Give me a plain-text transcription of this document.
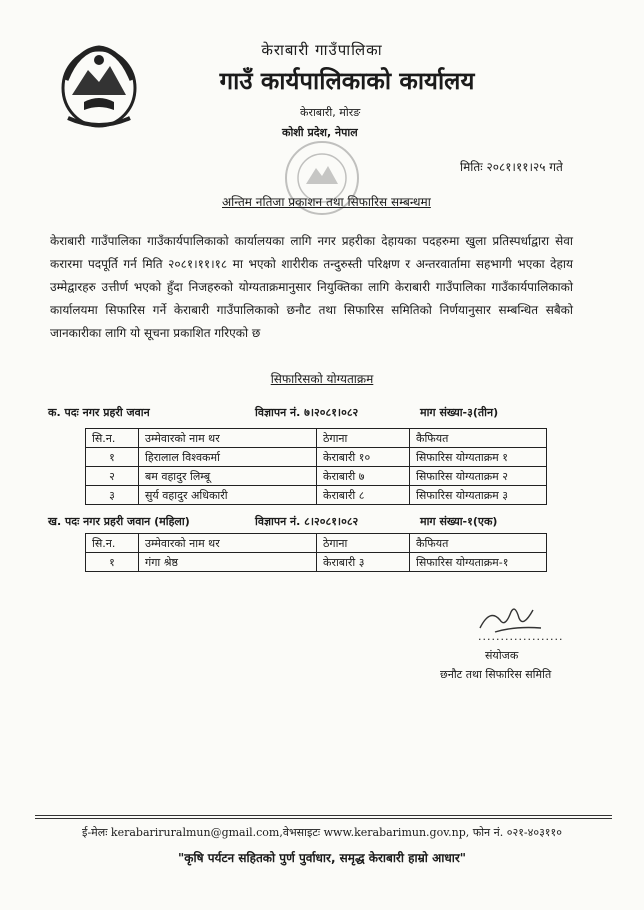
केराबारी गाउँपालिका
गाउँ कार्यपालिकाको कार्यालय
केराबारी, मोरङ
कोशी प्रदेश, नेपाल
मितिः २०८१।११।२५ गते
अन्तिम नतिजा प्रकाशन तथा सिफारिस सम्बन्धमा
केराबारी गाउँपालिका गाउँकार्यपालिकाको कार्यालयका लागि नगर प्रहरीका देहायका पदहरुमा खुला प्रतिस्पर्धाद्वारा सेवा करारमा पदपूर्ति गर्न मिति २०८१।११।१८ मा भएको शारीरीक तन्दुरुस्ती परिक्षण र अन्तरवार्तामा सहभागी भएका देहाय उम्मेद्वारहरु उत्तीर्ण भएको हुँदा निजहरुको योग्यताक्रमानुसार नियुक्तिका लागि केराबारी गाउँपालिका गाउँकार्यपालिकाको कार्यालयमा सिफारिस गर्ने केराबारी गाउँपालिकाको छनौट तथा सिफारिस समितिको निर्णयानुसार सम्बन्धित सबैको जानकारीका लागि यो सूचना प्रकाशित गरिएको छ
सिफारिसको योग्यताक्रम
क. पदः नगर प्रहरी जवान	विज्ञापन नं. ७।२०८१।०८२	माग संख्या-३(तीन)
सि.न.	उम्मेवारको नाम थर	ठेगाना	कैफियत
१	हिरालाल विश्वकर्मा	केराबारी १०	सिफारिस योग्यताक्रम १
२	बम वहादुर लिम्बू	केराबारी ७	सिफारिस योग्यताक्रम २
३	सुर्य वहादुर अधिकारी	केराबारी ८	सिफारिस योग्यताक्रम ३
ख. पदः नगर प्रहरी जवान (महिला)	विज्ञापन नं. ८।२०८१।०८२	माग संख्या-१(एक)
सि.न.	उम्मेवारको नाम थर	ठेगाना	कैफियत
१	गंगा श्रेष्ठ	केराबारी ३	सिफारिस योग्यताक्रम-१
...................
संयोजक
छनौट तथा सिफारिस समिति
ई-मेलः kerabariruralmun@gmail.com,वेभसाइटः www.kerabarimun.gov.np, फोन नं. ०२१-४०३११०
"कृषि पर्यटन सहितको पुर्ण पुर्वाधार, समृद्ध केराबारी हाम्रो आधार"
